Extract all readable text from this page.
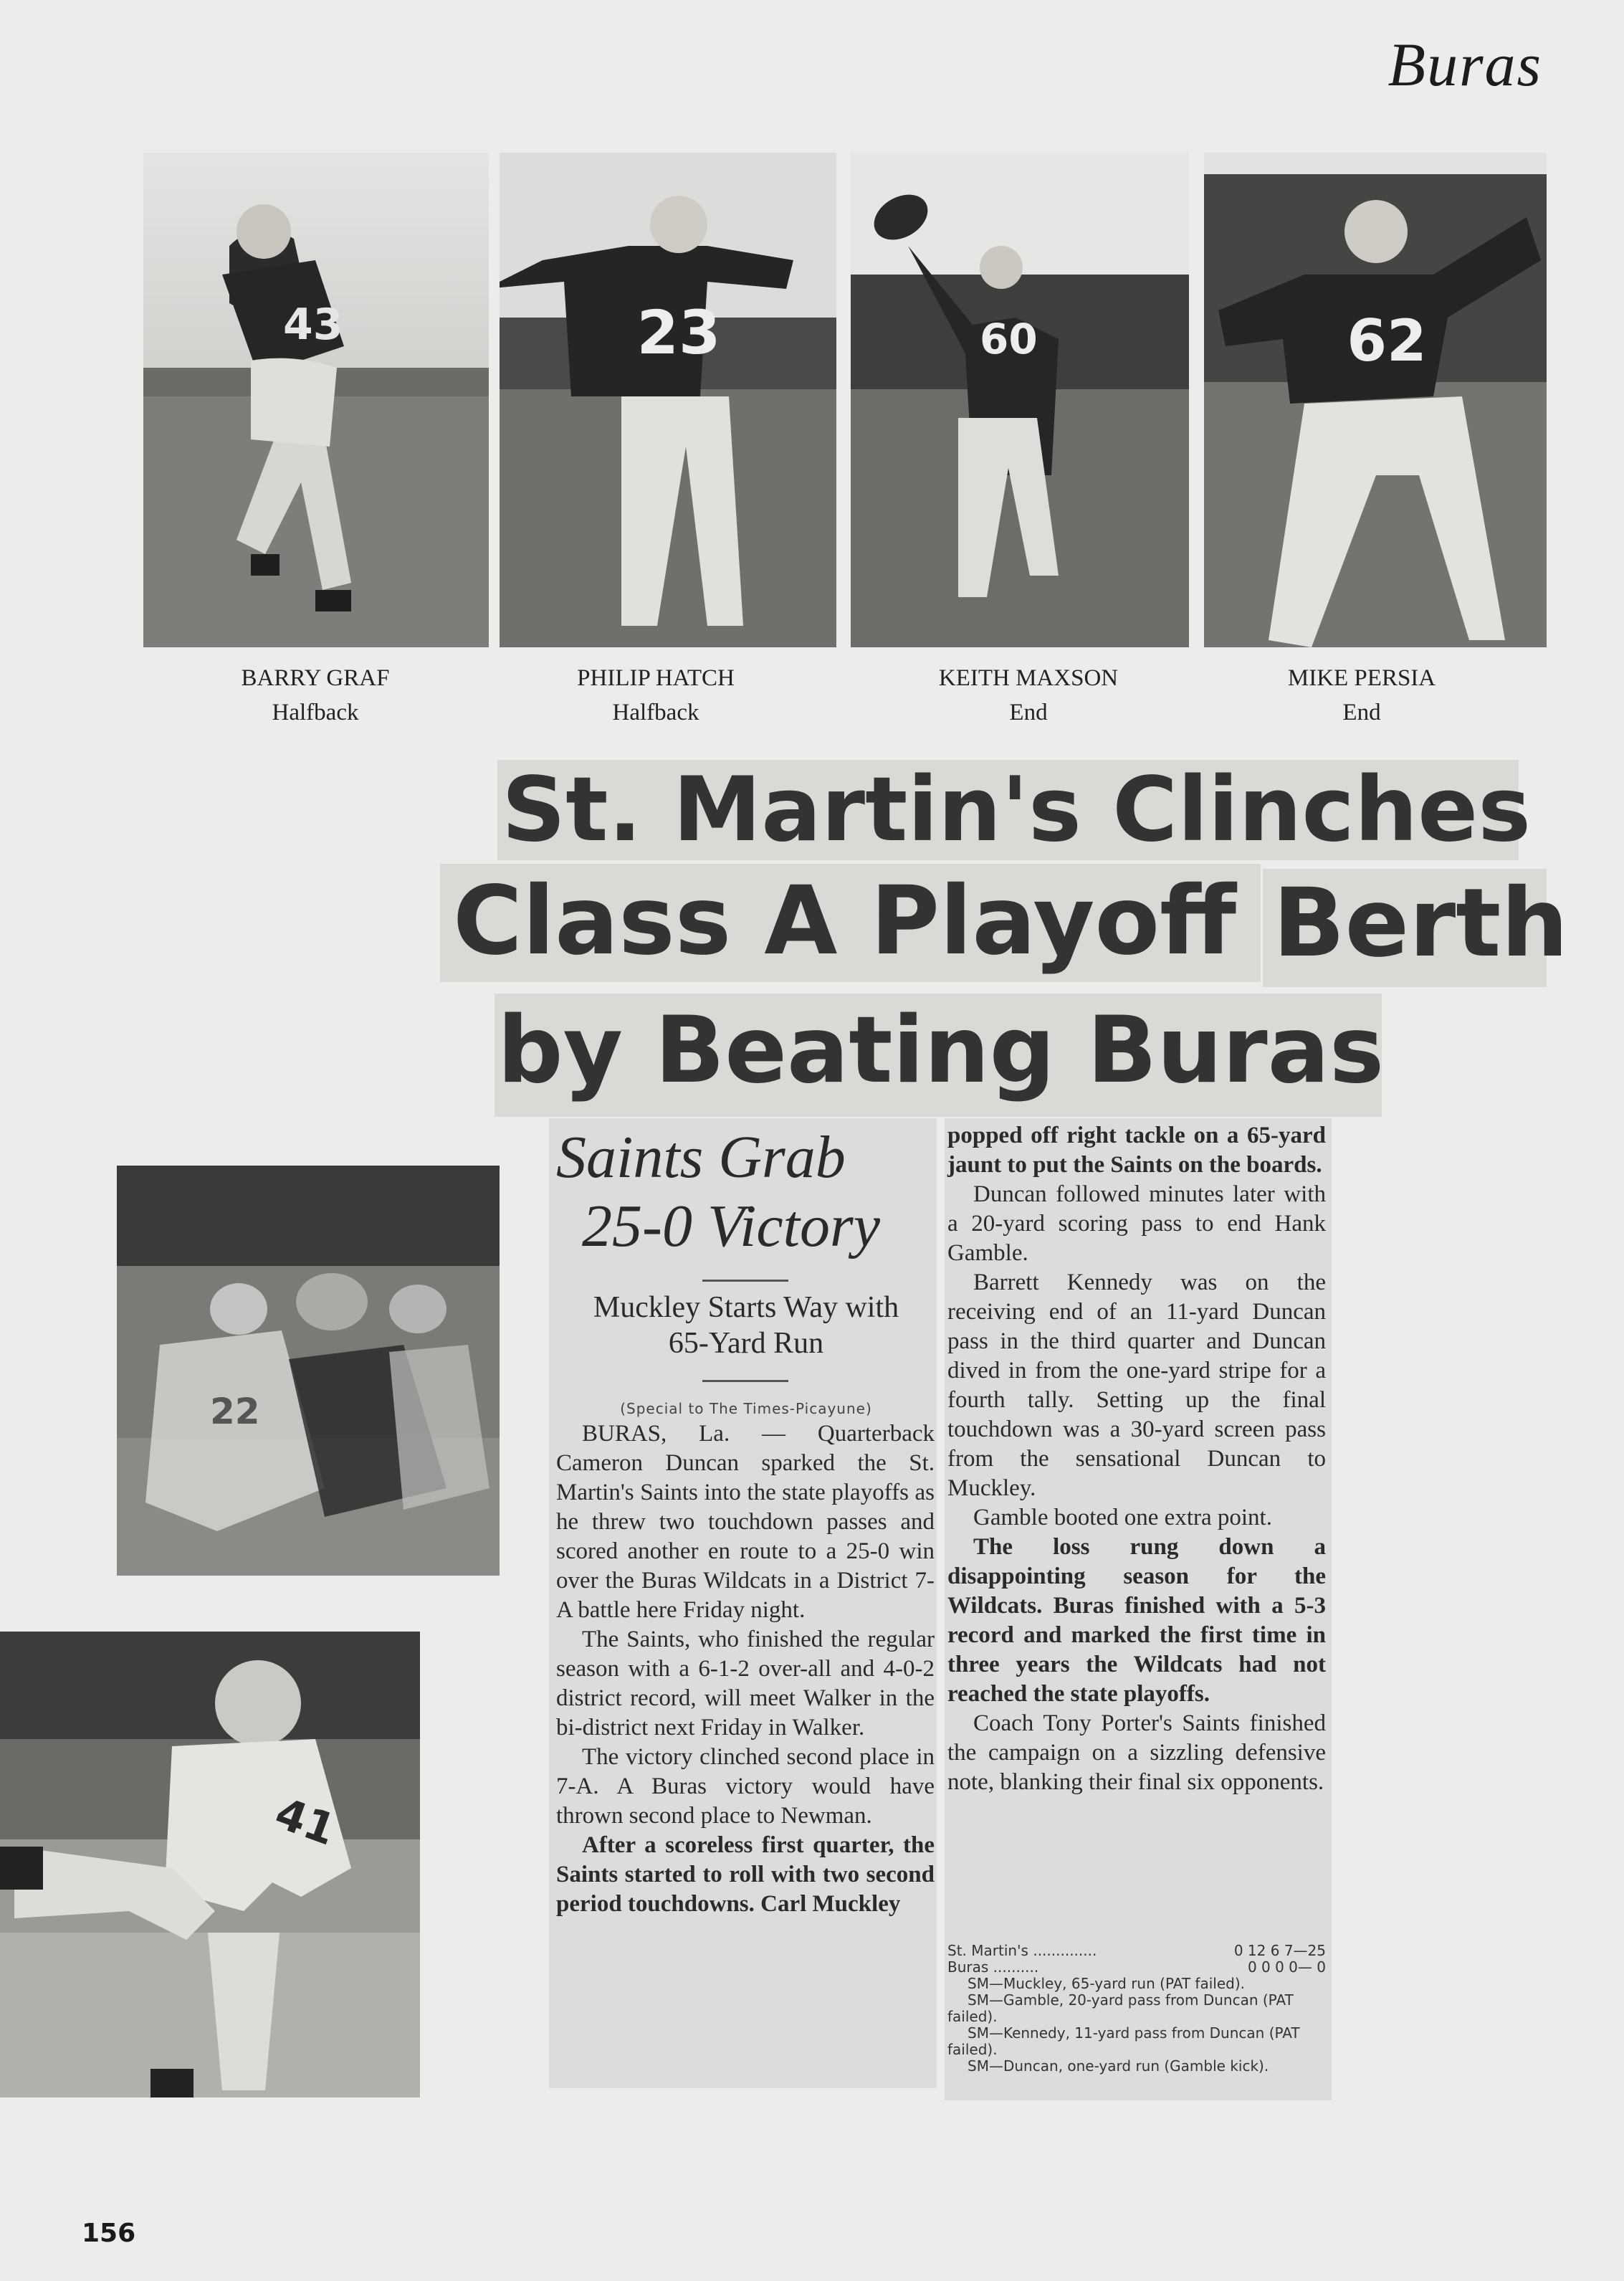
Buras
43	23	60	62
BARRY GRAF
Halfback
PHILIP HATCH
Halfback
KEITH MAXSON
End
MIKE PERSIA
End
St. Martin's Clinches
Class A Playoff Berth
by Beating Buras
22
41
Saints Grab
25-0 Victory
Muckley Starts Way with
65-Yard Run
(Special to The Times-Picayune)

BURAS, La. — Quarterback Cameron Duncan sparked the St. Martin's Saints into the state playoffs as he threw two touchdown passes and scored another en route to a 25-0 win over the Buras Wildcats in a District 7-A battle here Friday night.

The Saints, who finished the regular season with a 6-1-2 over-all and 4-0-2 district record, will meet Walker in the bi-district next Friday in Walker.

The victory clinched second place in 7-A. A Buras victory would have thrown second place to Newman.

After a scoreless first quarter, the Saints started to roll with two second period touchdowns. Carl Muckley

popped off right tackle on a 65-yard jaunt to put the Saints on the boards.

Duncan followed minutes later with a 20-yard scoring pass to end Hank Gamble.

Barrett Kennedy was on the receiving end of an 11-yard Duncan pass in the third quarter and Duncan dived in from the one-yard stripe for a fourth tally. Setting up the final touchdown was a 30-yard screen pass from the sensational Duncan to Muckley.

Gamble booted one extra point.

The loss rung down a disappointing season for the Wildcats. Buras finished with a 5-3 record and marked the first time in three years the Wildcats had not reached the state playoffs.

Coach Tony Porter's Saints finished the campaign on a sizzling defensive note, blanking their final six opponents.

St. Martin's ..............	0 12 6 7—25
Buras ..........	0 0 0 0— 0
SM—Muckley, 65-yard run (PAT failed).
SM—Gamble, 20-yard pass from Duncan (PAT failed).
SM—Kennedy, 11-yard pass from Duncan (PAT failed).
SM—Duncan, one-yard run (Gamble kick).
156
